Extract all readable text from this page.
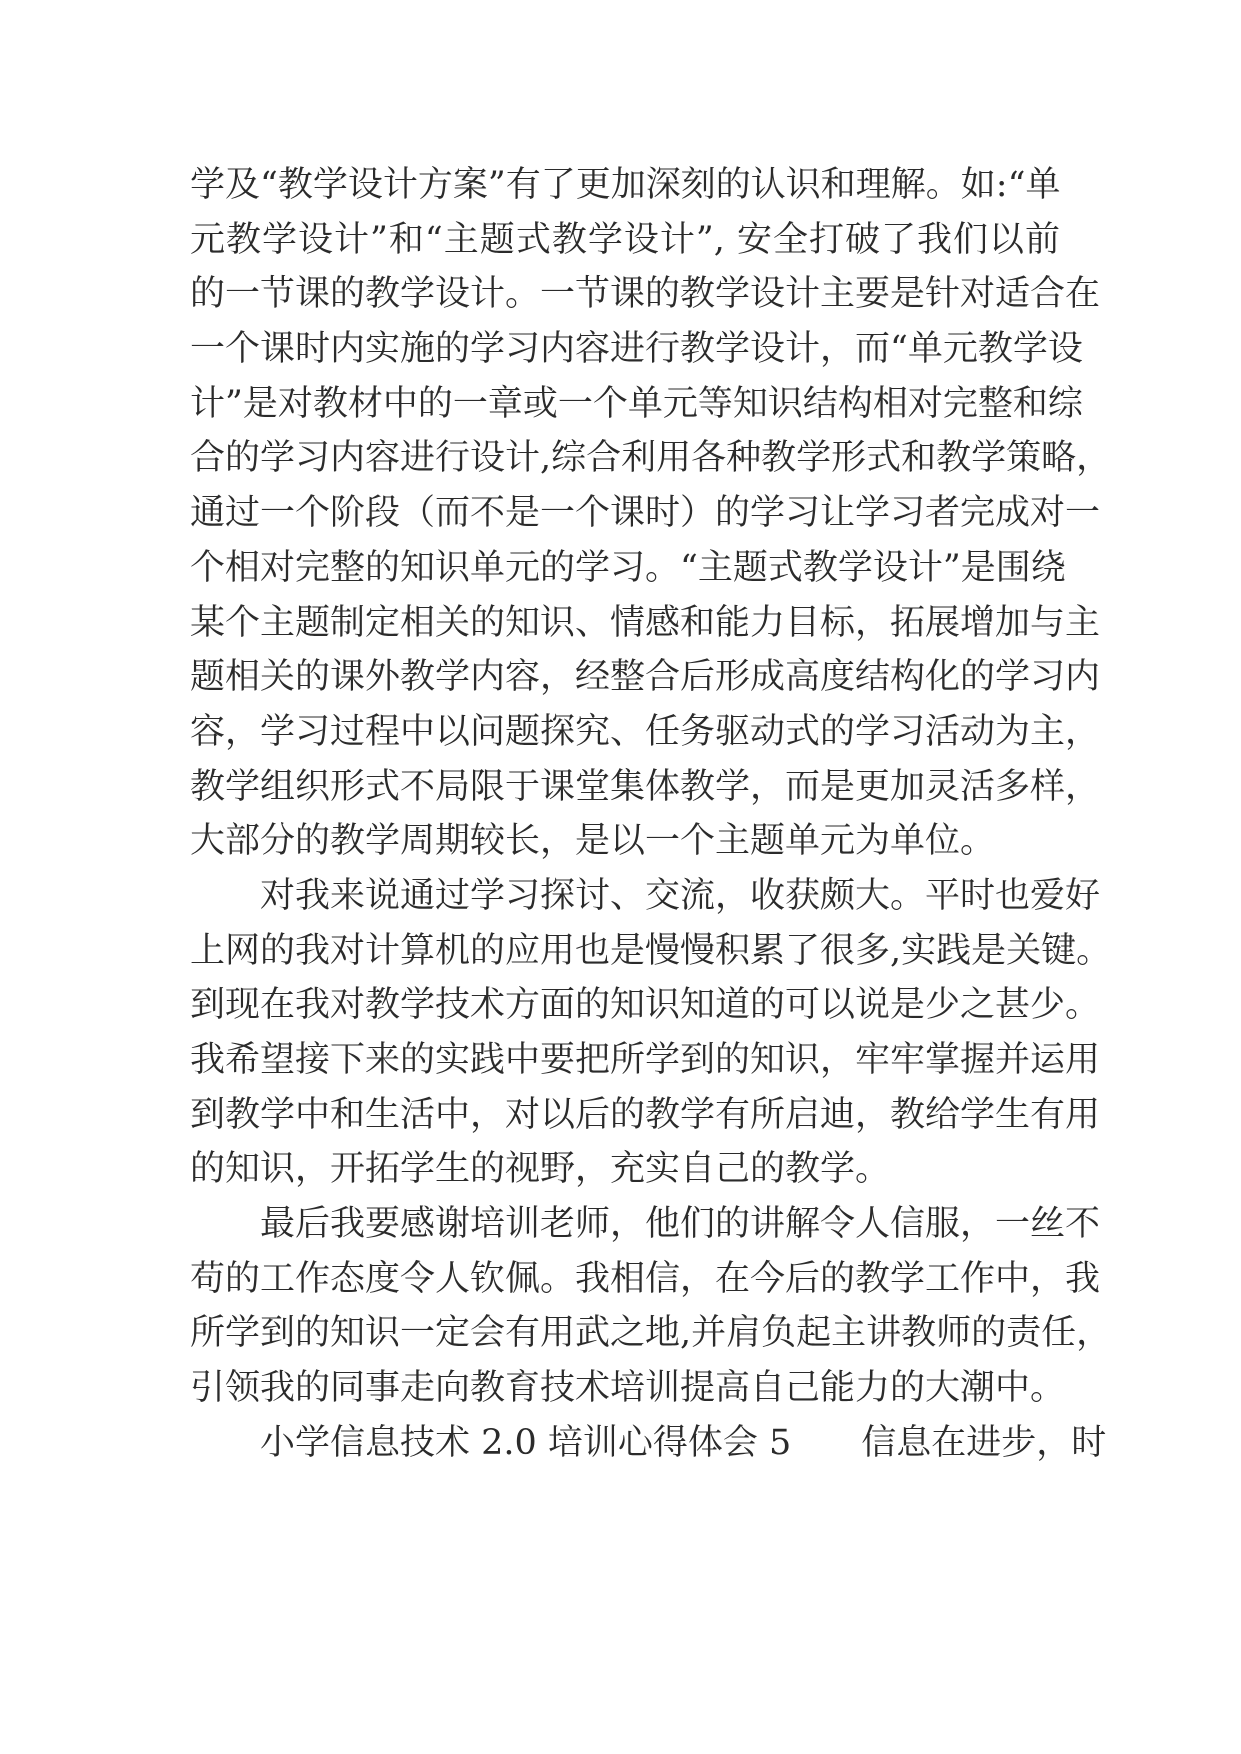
学及“教学设计方案”有了更加深刻的认识和理解。如:“单
元教学设计”和“主题式教学设计”, 安全打破了我们以前
的一节课的教学设计。一节课的教学设计主要是针对适合在
一个课时内实施的学习内容进行教学设计，而“单元教学设
计”是对教材中的一章或一个单元等知识结构相对完整和综
合的学习内容进行设计,综合利用各种教学形式和教学策略，
通过一个阶段（而不是一个课时）的学习让学习者完成对一
个相对完整的知识单元的学习。“主题式教学设计”是围绕
某个主题制定相关的知识、情感和能力目标，拓展增加与主
题相关的课外教学内容，经整合后形成高度结构化的学习内
容，学习过程中以问题探究、任务驱动式的学习活动为主，
教学组织形式不局限于课堂集体教学，而是更加灵活多样，
大部分的教学周期较长，是以一个主题单元为单位。
对我来说通过学习探讨、交流，收获颇大。平时也爱好
上网的我对计算机的应用也是慢慢积累了很多,实践是关键。
到现在我对教学技术方面的知识知道的可以说是少之甚少。
我希望接下来的实践中要把所学到的知识，牢牢掌握并运用
到教学中和生活中，对以后的教学有所启迪，教给学生有用
的知识，开拓学生的视野，充实自己的教学。
最后我要感谢培训老师，他们的讲解令人信服，一丝不
苟的工作态度令人钦佩。我相信，在今后的教学工作中，我
所学到的知识一定会有用武之地,并肩负起主讲教师的责任，
引领我的同事走向教育技术培训提高自己能力的大潮中。
小学信息技术 2.0 培训心得体会 5　　信息在进步，时
